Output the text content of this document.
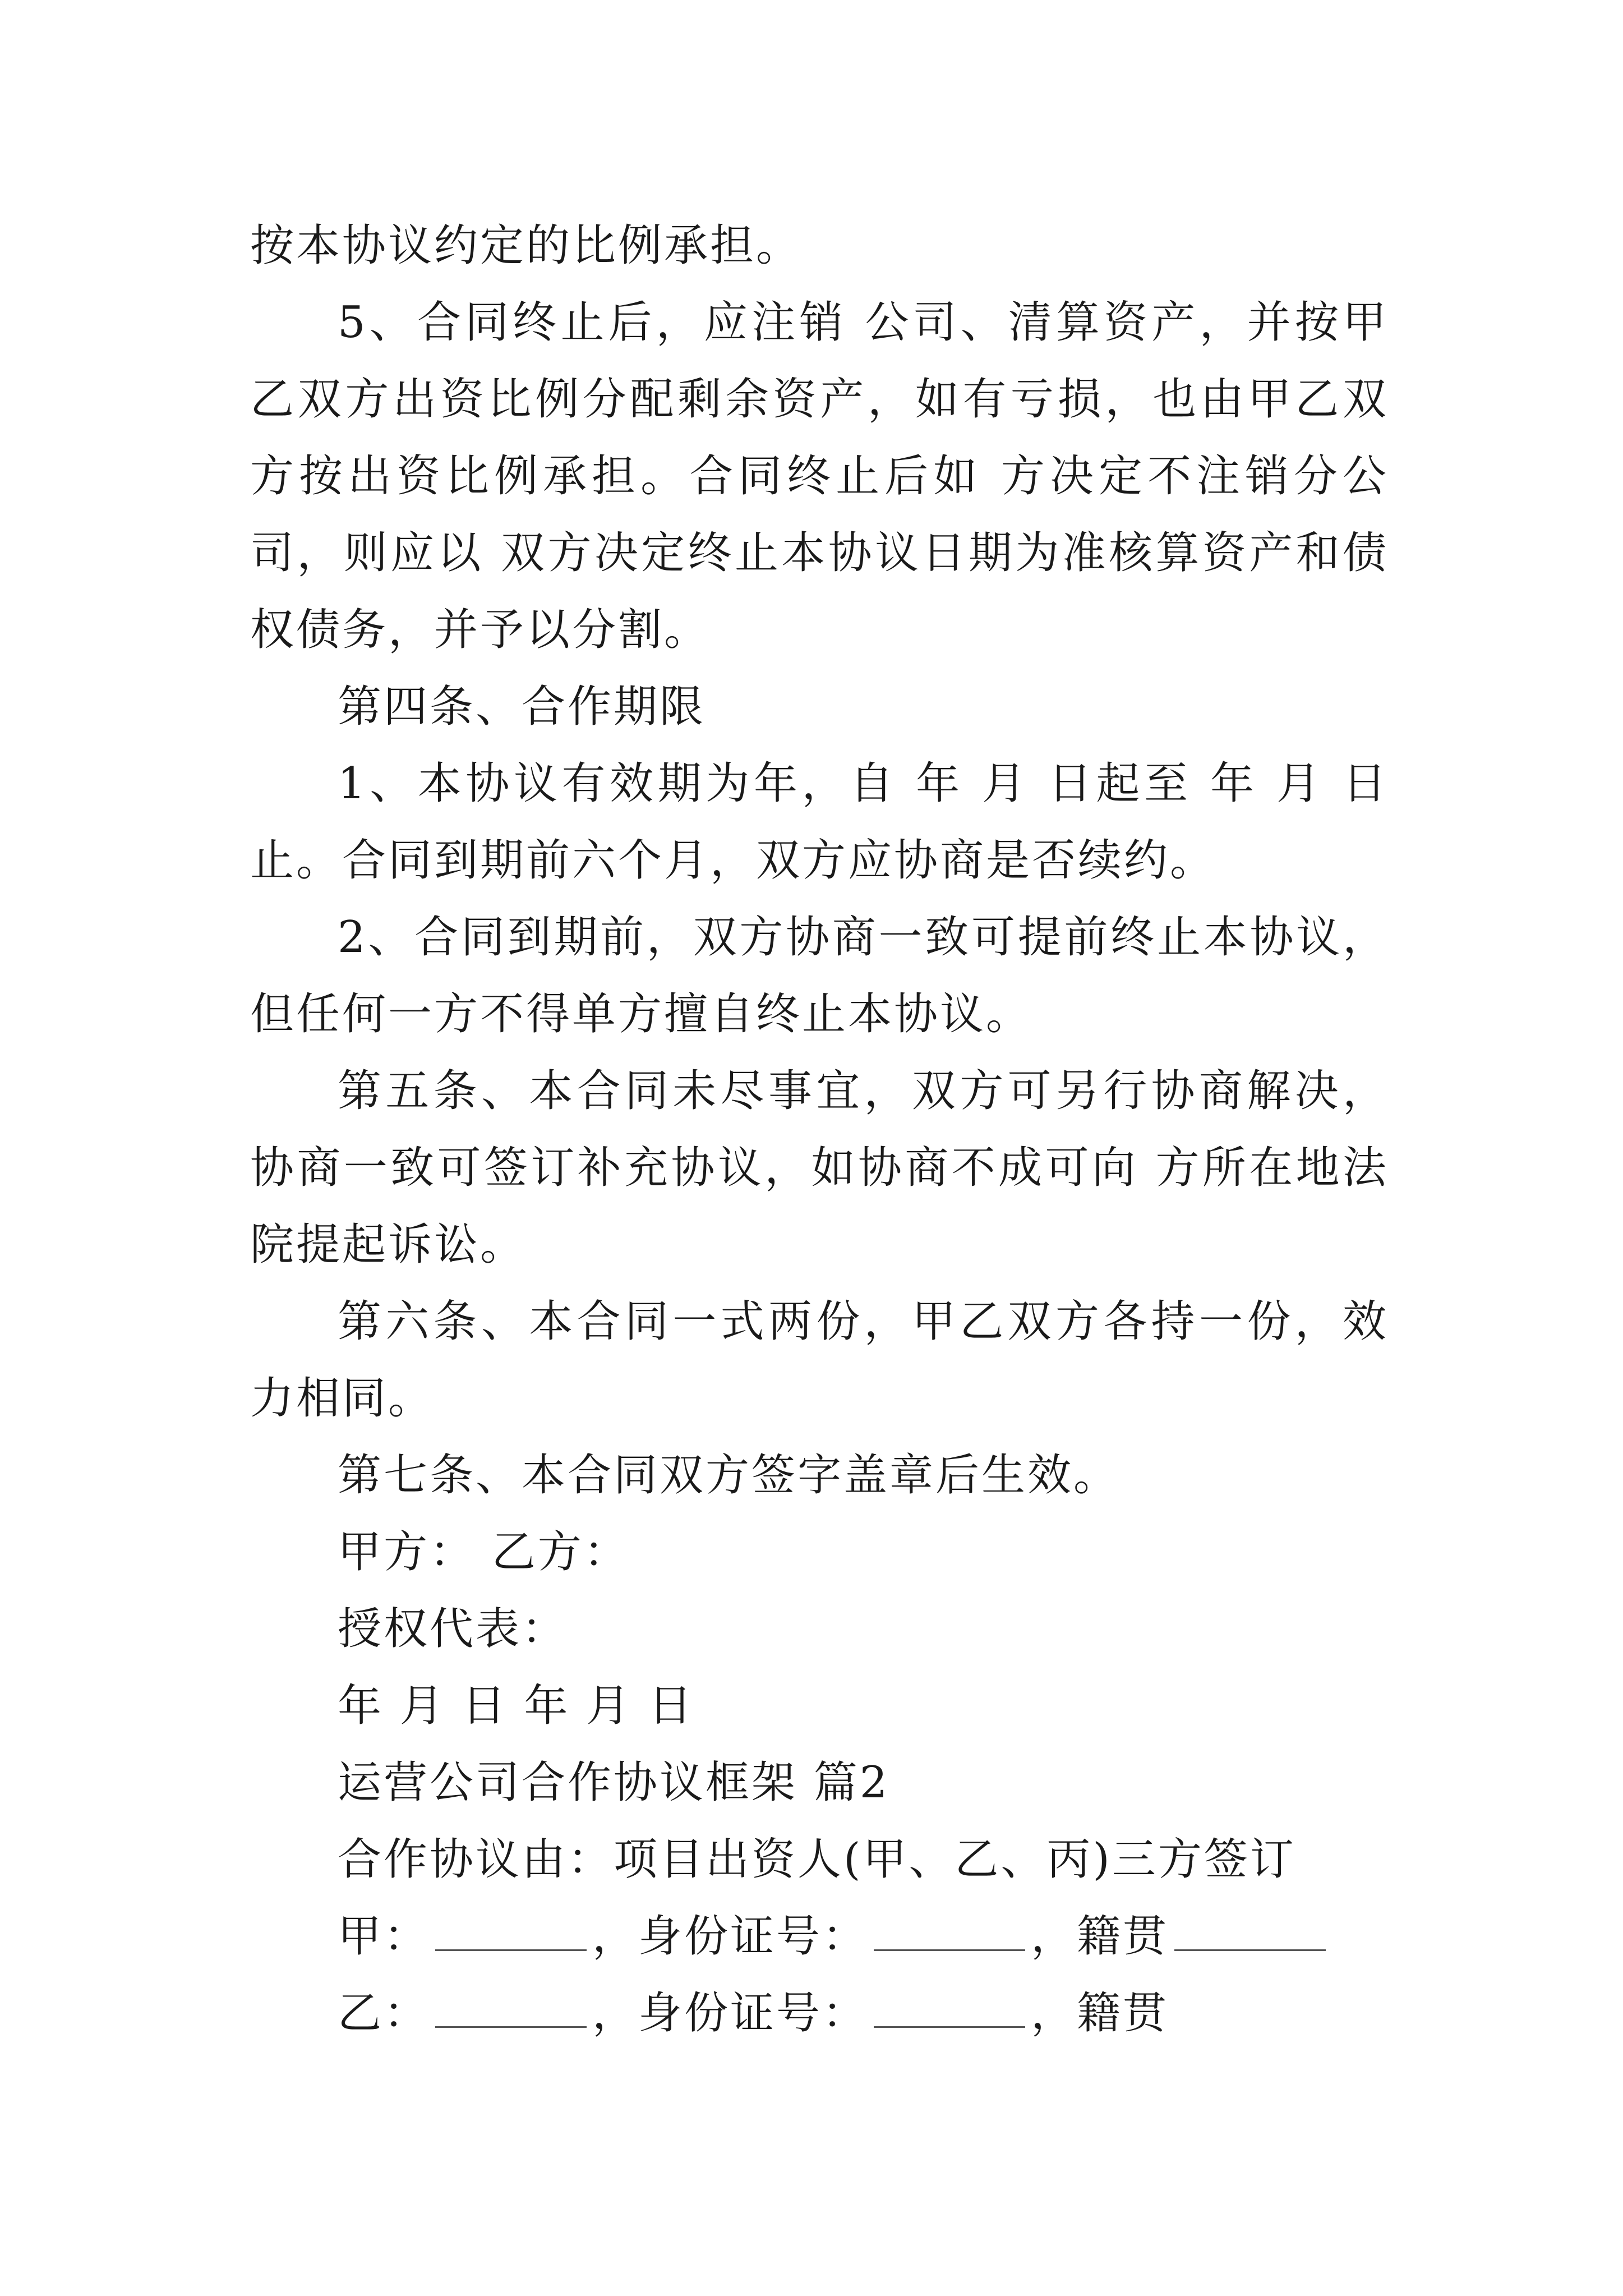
按本协议约定的比例承担。

5、合同终止后，应注销 公司、清算资产，并按甲乙双方出资比例分配剩余资产，如有亏损，也由甲乙双方按出资比例承担。合同终止后如 方决定不注销分公司，则应以 双方决定终止本协议日期为准核算资产和债权债务，并予以分割。

第四条、合作期限

1、本协议有效期为年，自 年 月 日起至 年 月 日止。合同到期前六个月，双方应协商是否续约。

2、合同到期前，双方协商一致可提前终止本协议，但任何一方不得单方擅自终止本协议。

第五条、本合同未尽事宜，双方可另行协商解决，协商一致可签订补充协议，如协商不成可向 方所在地法院提起诉讼。

第六条、本合同一式两份，甲乙双方各持一份，效力相同。

第七条、本合同双方签字盖章后生效。

甲方： 乙方：

授权代表：

年 月 日 年 月 日

运营公司合作协议框架 篇2

合作协议由：项目出资人(甲、乙、丙)三方签订

甲：	，身份证号：	，籍贯

乙：	，身份证号：	，籍贯
